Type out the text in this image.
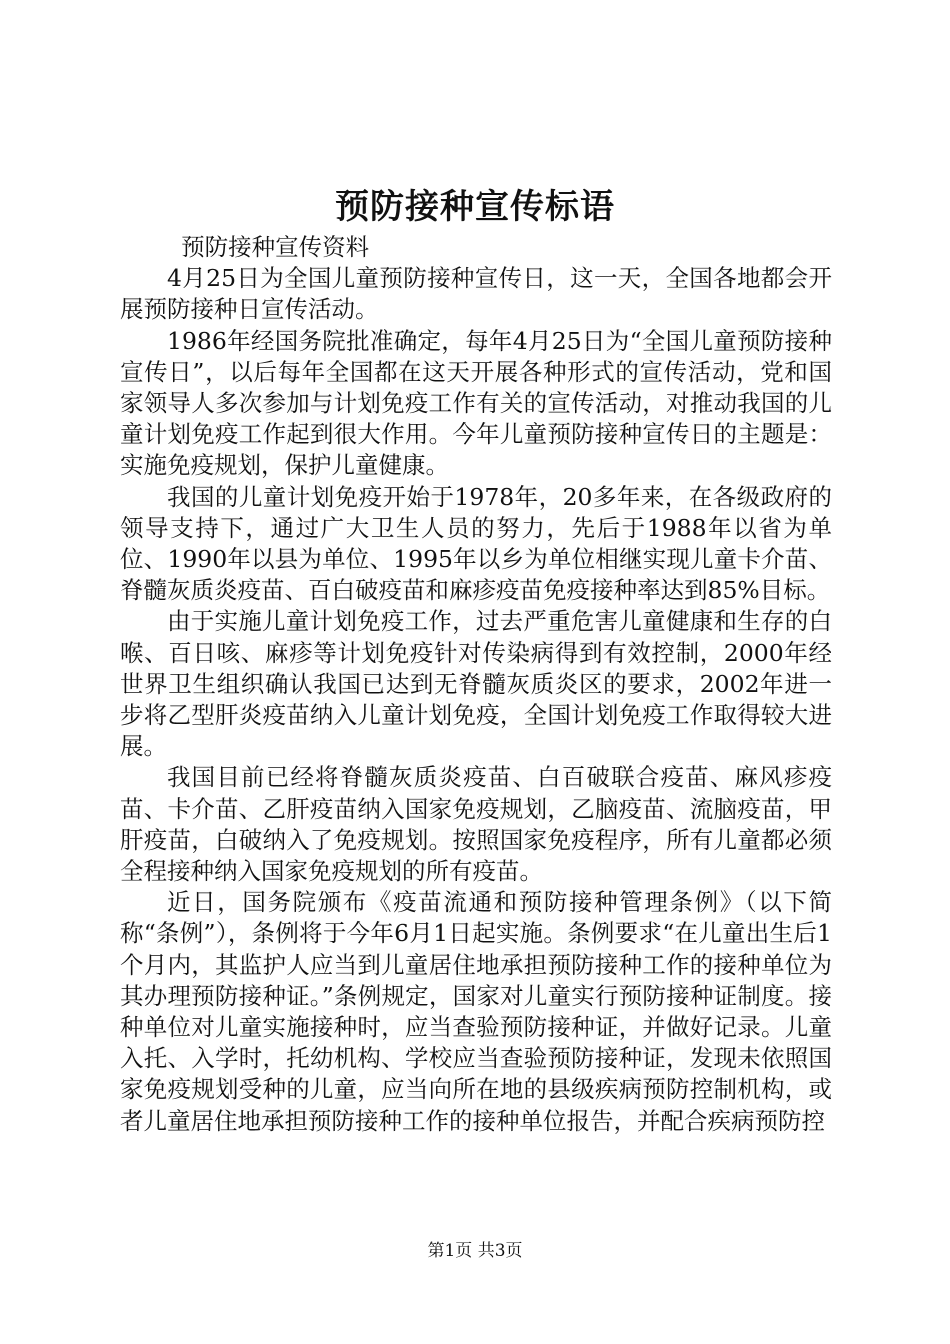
预防接种宣传标语

预防接种宣传资料

4月25日为全国儿童预防接种宣传日，这一天，全国各地都会开展预防接种日宣传活动。

1986年经国务院批准确定，每年4月25日为“全国儿童预防接种宣传日”，以后每年全国都在这天开展各种形式的宣传活动，党和国家领导人多次参加与计划免疫工作有关的宣传活动，对推动我国的儿童计划免疫工作起到很大作用。今年儿童预防接种宣传日的主题是：实施免疫规划，保护儿童健康。

我国的儿童计划免疫开始于1978年，20多年来，在各级政府的领导支持下，通过广大卫生人员的努力，先后于1988年以省为单位、1990年以县为单位、1995年以乡为单位相继实现儿童卡介苗、脊髓灰质炎疫苗、百白破疫苗和麻疹疫苗免疫接种率达到85%目标。

由于实施儿童计划免疫工作，过去严重危害儿童健康和生存的白喉、百日咳、麻疹等计划免疫针对传染病得到有效控制，2000年经世界卫生组织确认我国已达到无脊髓灰质炎区的要求，2002年进一步将乙型肝炎疫苗纳入儿童计划免疫，全国计划免疫工作取得较大进展。

我国目前已经将脊髓灰质炎疫苗、白百破联合疫苗、麻风疹疫苗、卡介苗、乙肝疫苗纳入国家免疫规划，乙脑疫苗、流脑疫苗，甲肝疫苗，白破纳入了免疫规划。按照国家免疫程序，所有儿童都必须全程接种纳入国家免疫规划的所有疫苗。

近日，国务院颁布《疫苗流通和预防接种管理条例》（以下简称“条例”），条例将于今年6月1日起实施。条例要求“在儿童出生后1个月内，其监护人应当到儿童居住地承担预防接种工作的接种单位为其办理预防接种证。”条例规定，国家对儿童实行预防接种证制度。接种单位对儿童实施接种时，应当查验预防接种证，并做好记录。儿童入托、入学时，托幼机构、学校应当查验预防接种证，发现未依照国家免疫规划受种的儿童，应当向所在地的县级疾病预防控制机构，或者儿童居住地承担预防接种工作的接种单位报告，并配合疾病预防控

第1页 共3页
